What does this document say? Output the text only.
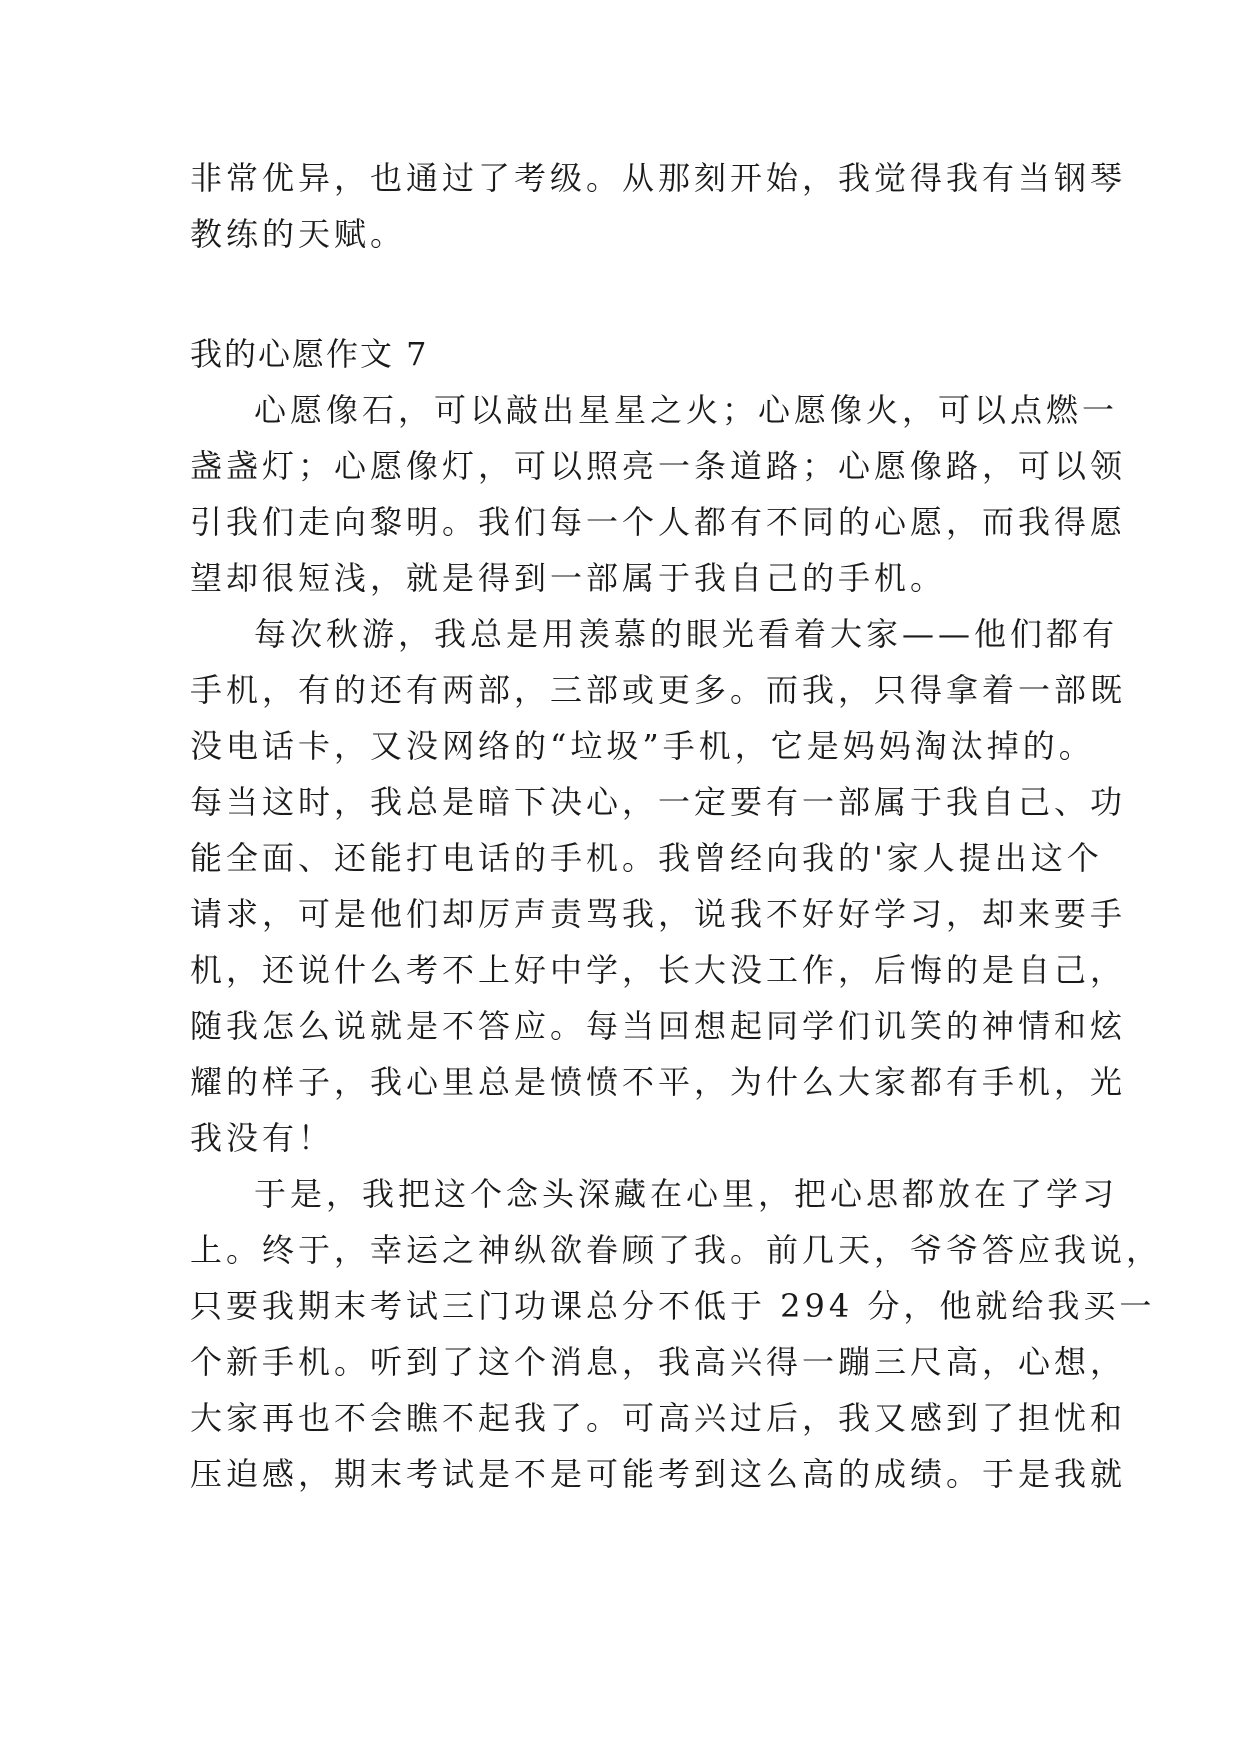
非常优异，也通过了考级。从那刻开始，我觉得我有当钢琴
教练的天赋。
我的心愿作文 7
心愿像石，可以敲出星星之火；心愿像火，可以点燃一
盏盏灯；心愿像灯，可以照亮一条道路；心愿像路，可以领
引我们走向黎明。我们每一个人都有不同的心愿，而我得愿
望却很短浅，就是得到一部属于我自己的手机。
每次秋游，我总是用羡慕的眼光看着大家——他们都有
手机，有的还有两部，三部或更多。而我，只得拿着一部既
没电话卡，又没网络的“垃圾”手机，它是妈妈淘汰掉的。
每当这时，我总是暗下决心，一定要有一部属于我自己、功
能全面、还能打电话的手机。我曾经向我的'家人提出这个
请求，可是他们却厉声责骂我，说我不好好学习，却来要手
机，还说什么考不上好中学，长大没工作，后悔的是自己，
随我怎么说就是不答应。每当回想起同学们讥笑的神情和炫
耀的样子，我心里总是愤愤不平，为什么大家都有手机，光
我没有！
于是，我把这个念头深藏在心里，把心思都放在了学习
上。终于，幸运之神纵欲眷顾了我。前几天，爷爷答应我说，
只要我期末考试三门功课总分不低于 294 分，他就给我买一
个新手机。听到了这个消息，我高兴得一蹦三尺高，心想，
大家再也不会瞧不起我了。可高兴过后，我又感到了担忧和
压迫感，期末考试是不是可能考到这么高的成绩。于是我就
